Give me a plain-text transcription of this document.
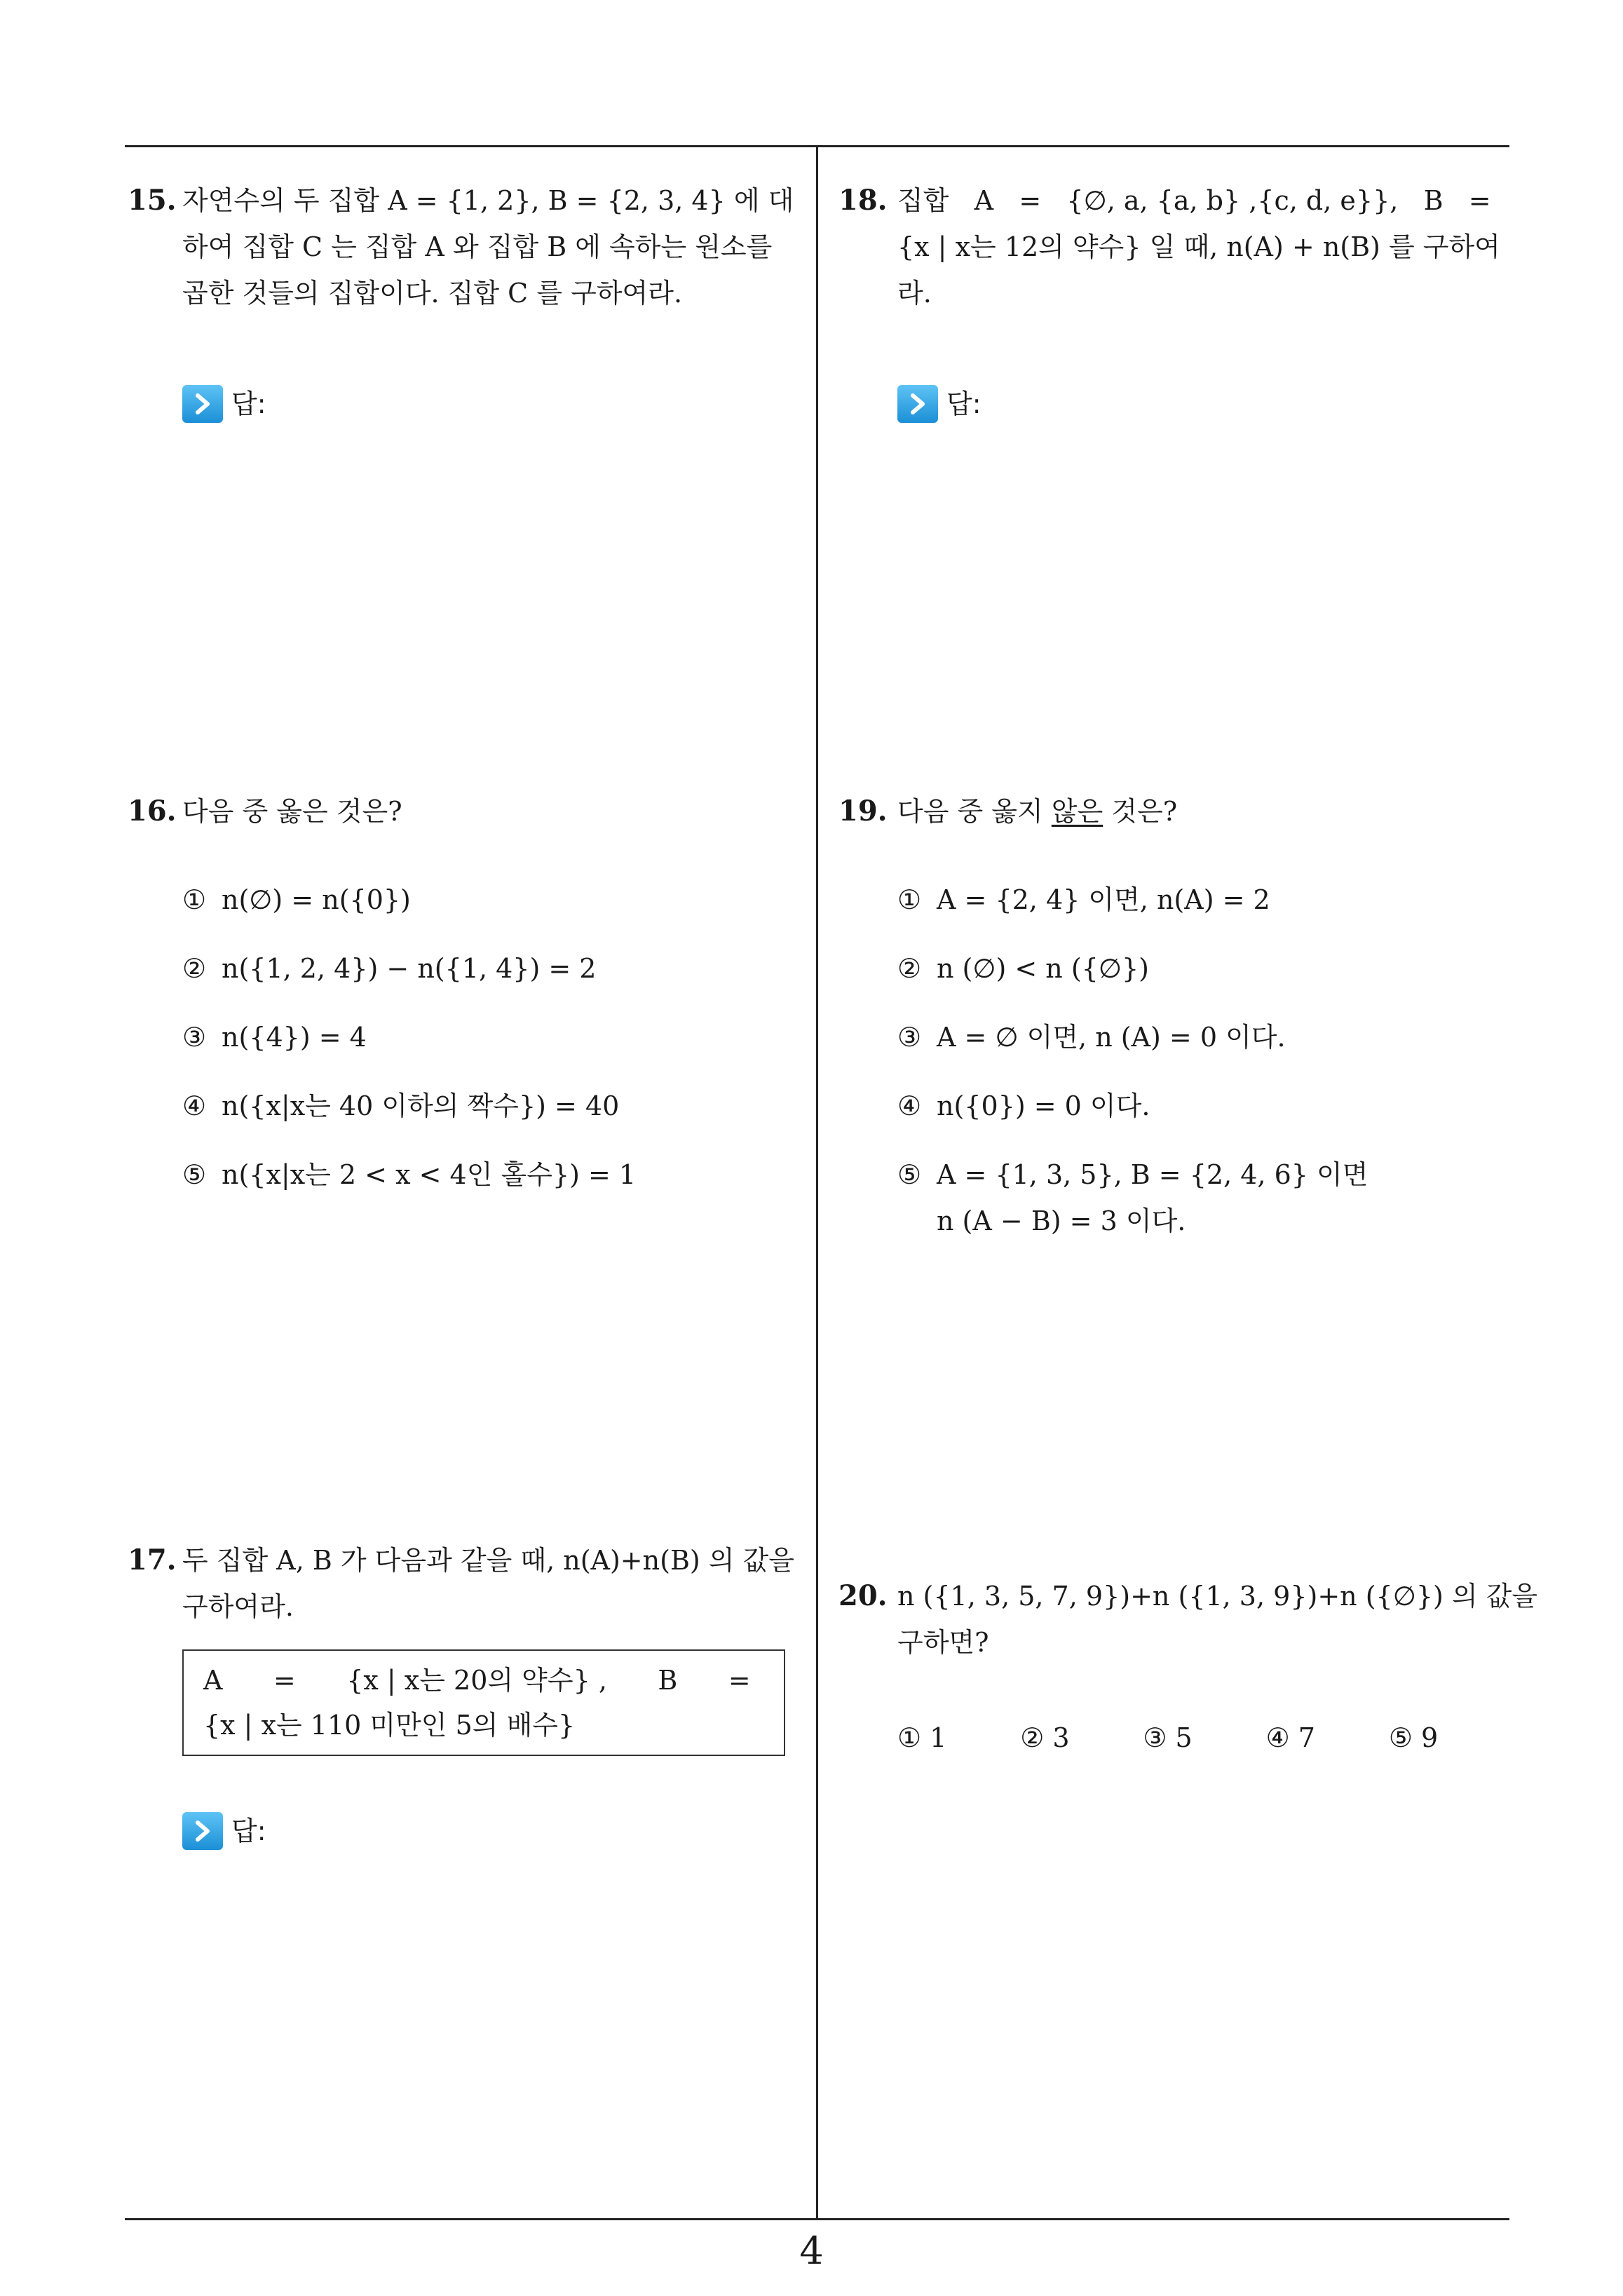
15. 자연수의 두 집합 A = {1, 2}, B = {2, 3, 4} 에 대
하여 집합 C 는 집합 A 와 집합 B 에 속하는 원소를
곱한 것들의 집합이다. 집합 C 를 구하여라.
답:
16. 다음 중 옳은 것은?
① n(∅) = n({0})
② n({1, 2, 4}) − n({1, 4}) = 2
③ n({4}) = 4
④ n({x|x는 40 이하의 짝수}) = 40
⑤ n({x|x는 2 < x < 4인 홀수}) = 1
17. 두 집합 A, B 가 다음과 같을 때, n(A)+n(B) 의 값을
구하여라.
A      =      {x | x는 20의 약수} ,      B      =
{x | x는 110 미만인 5의 배수}
답:
18. 집합   A   =   {∅, a, {a, b} ,{c, d, e}},   B   =
{x | x는 12의 약수} 일 때, n(A) + n(B) 를 구하여
라.
답:
19. 다음 중 옳지 않은 것은?
① A = {2, 4} 이면, n(A) = 2
② n (∅) < n ({∅})
③ A = ∅ 이면, n (A) = 0 이다.
④ n({0}) = 0 이다.
⑤ A = {1, 3, 5}, B = {2, 4, 6} 이면
n (A − B) = 3 이다.
20. n ({1, 3, 5, 7, 9})+n ({1, 3, 9})+n ({∅}) 의 값을
구하면?
① 1	② 3	③ 5	④ 7	⑤ 9
4
